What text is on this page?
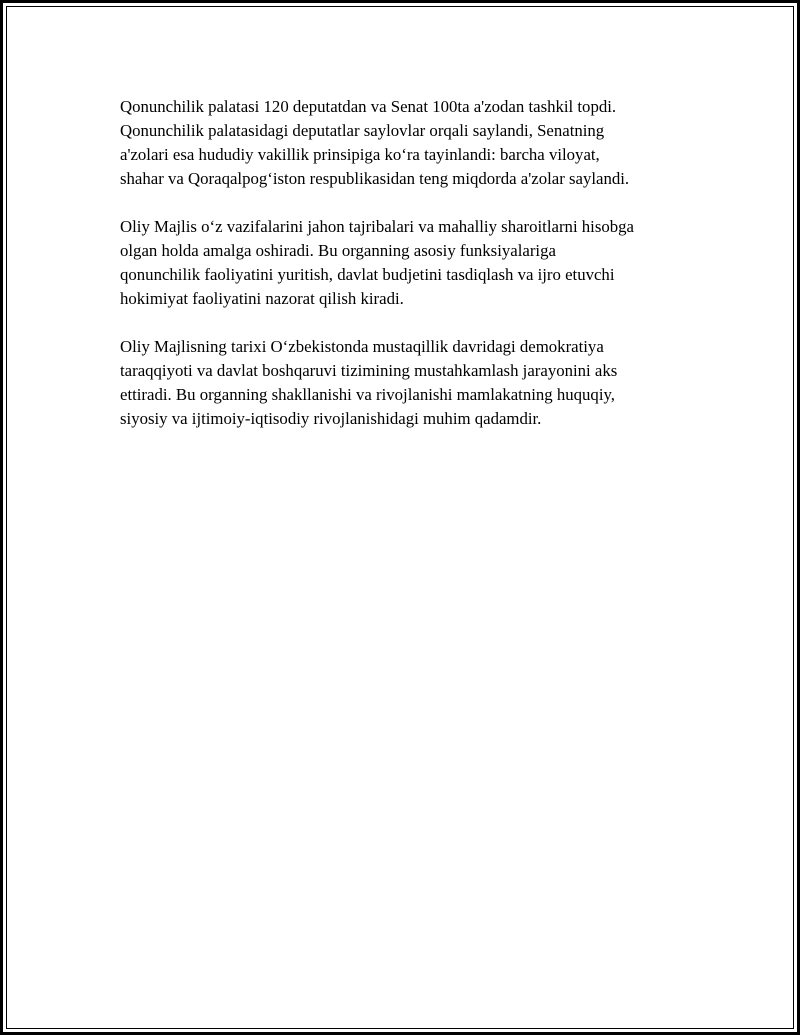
Qonunchilik palatasi 120 deputatdan va Senat 100ta a'zodan tashkil topdi.
Qonunchilik palatasidagi deputatlar saylovlar orqali saylandi, Senatning
a'zolari esa hududiy vakillik prinsipiga ko‘ra tayinlandi: barcha viloyat,
shahar va Qoraqalpog‘iston respublikasidan teng miqdorda a'zolar saylandi.
Oliy Majlis o‘z vazifalarini jahon tajribalari va mahalliy sharoitlarni hisobga
olgan holda amalga oshiradi. Bu organning asosiy funksiyalariga
qonunchilik faoliyatini yuritish, davlat budjetini tasdiqlash va ijro etuvchi
hokimiyat faoliyatini nazorat qilish kiradi.
Oliy Majlisning tarixi O‘zbekistonda mustaqillik davridagi demokratiya
taraqqiyoti va davlat boshqaruvi tizimining mustahkamlash jarayonini aks
ettiradi. Bu organning shakllanishi va rivojlanishi mamlakatning huquqiy,
siyosiy va ijtimoiy-iqtisodiy rivojlanishidagi muhim qadamdir.
